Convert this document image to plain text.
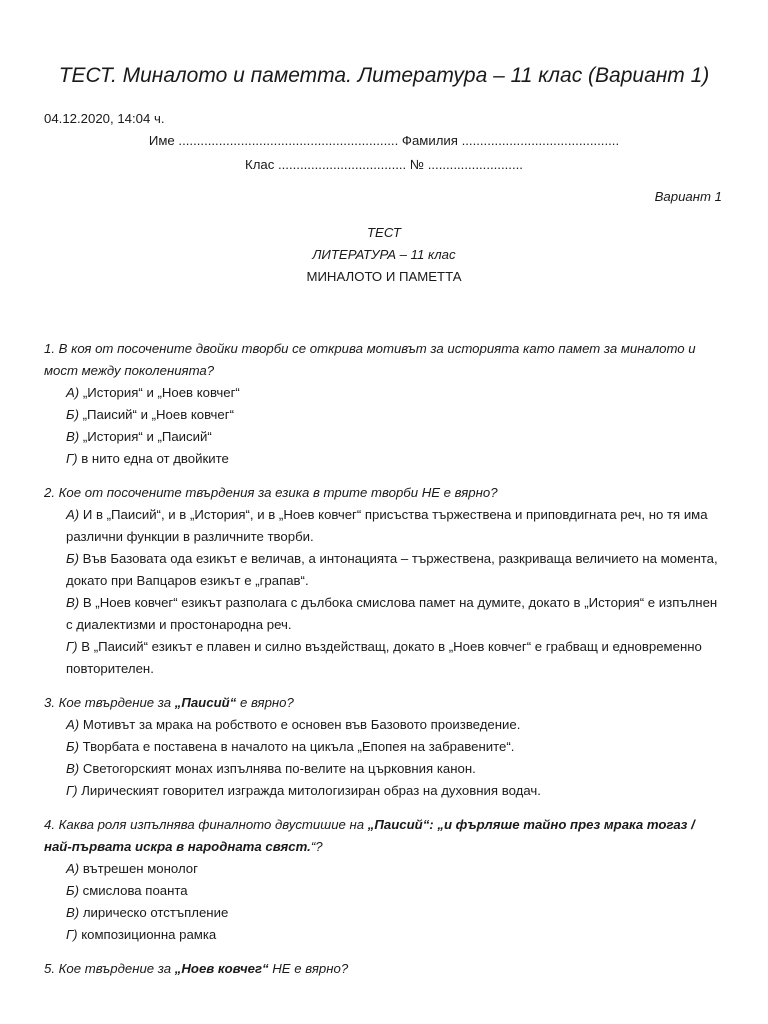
ТЕСТ. Миналото и паметта. Литература – 11 клас (Вариант 1)
04.12.2020, 14:04 ч.
Име ............................................................ Фамилия ...........................................
Клас ................................... № ..........................
Вариант 1
ТЕСТ
ЛИТЕРАТУРА – 11 клас
МИНАЛОТО И ПАМЕТТА
1. В коя от посочените двойки творби се открива мотивът за историята като памет за миналото и мост между поколенията?
А) „История“ и „Ноев ковчег“
Б) „Паисий“ и „Ноев ковчег“
В) „История“ и „Паисий“
Г) в нито една от двойките
2. Кое от посочените твърдения за езика в трите творби НЕ е вярно?
А) И в „Паисий“, и в „История“, и в „Ноев ковчег“ присъства тържествена и приповдигната реч, но тя има различни функции в различните творби.
Б) Във Базовата ода езикът е величав, а интонацията – тържествена, разкриваща величието на момента, докато при Вапцаров езикът е „грапав“.
В) В „Ноев ковчег“ езикът разполага с дълбока смислова памет на думите, докато в „История“ е изпълнен с диалектизми и простонародна реч.
Г) В „Паисий“ езикът е плавен и силно въздействащ, докато в „Ноев ковчег“ е грабващ и едновременно повторителен.
3. Кое твърдение за „Паисий“ е вярно?
А) Мотивът за мрака на робството е основен във Базовото произведение.
Б) Творбата е поставена в началото на цикъла „Епопея на забравените“.
В) Светогорският монах изпълнява по-велите на църковния канон.
Г) Лирическият говорител изгражда митологизиран образ на духовния водач.
4. Каква роля изпълнява финалното двустишие на „Паисий“: „и фърляше тайно през мрака тогаз / най-първата искра в народната свяст.“?
А) вътрешен монолог
Б) смислова поанта
В) лирическо отстъпление
Г) композиционна рамка
5. Кое твърдение за „Ноев ковчег“ НЕ е вярно?
